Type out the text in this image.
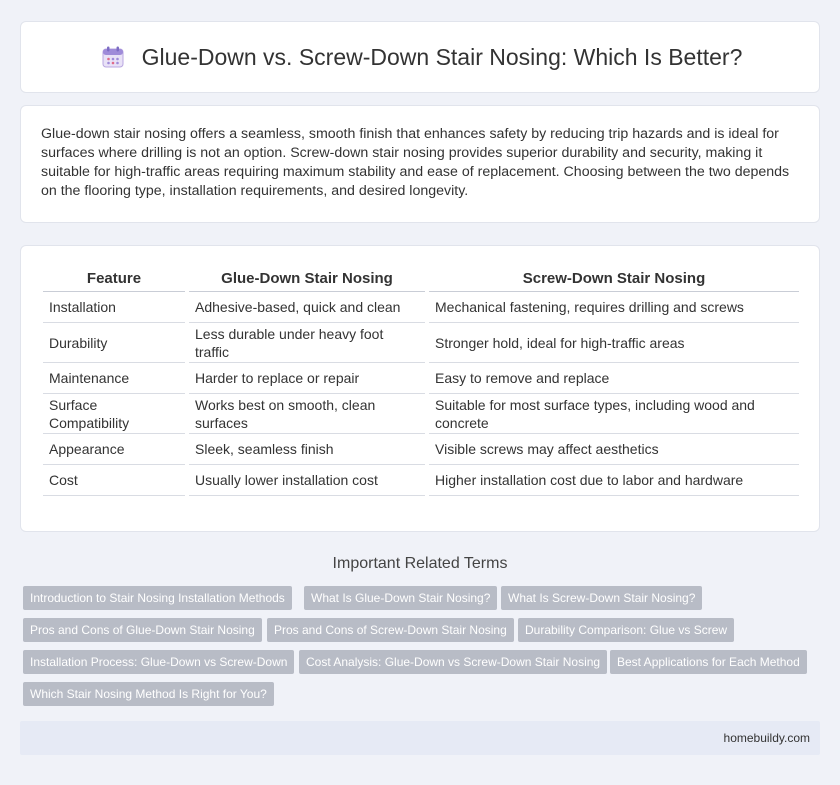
Glue-Down vs. Screw-Down Stair Nosing: Which Is Better?

Glue-down stair nosing offers a seamless, smooth finish that enhances safety by reducing trip hazards and is ideal for surfaces where drilling is not an option. Screw-down stair nosing provides superior durability and security, making it suitable for high-traffic areas requiring maximum stability and ease of replacement. Choosing between the two depends on the flooring type, installation requirements, and desired longevity.

Feature		Glue-Down Stair Nosing		Screw-Down Stair Nosing
Installation		Adhesive-based, quick and clean		Mechanical fastening, requires drilling and screws
Durability		Less durable under heavy foot traffic		Stronger hold, ideal for high-traffic areas
Maintenance		Harder to replace or repair		Easy to remove and replace
Surface Compatibility		Works best on smooth, clean surfaces		Suitable for most surface types, including wood and concrete
Appearance		Sleek, seamless finish		Visible screws may affect aesthetics
Cost		Usually lower installation cost		Higher installation cost due to labor and hardware
Important Related Terms
Introduction to Stair Nosing Installation Methods	What Is Glue-Down Stair Nosing?	What Is Screw-Down Stair Nosing?
Pros and Cons of Glue-Down Stair Nosing	Pros and Cons of Screw-Down Stair Nosing	Durability Comparison: Glue vs Screw
Installation Process: Glue-Down vs Screw-Down	Cost Analysis: Glue-Down vs Screw-Down Stair Nosing	Best Applications for Each Method
Which Stair Nosing Method Is Right for You?
homebuildy.com
